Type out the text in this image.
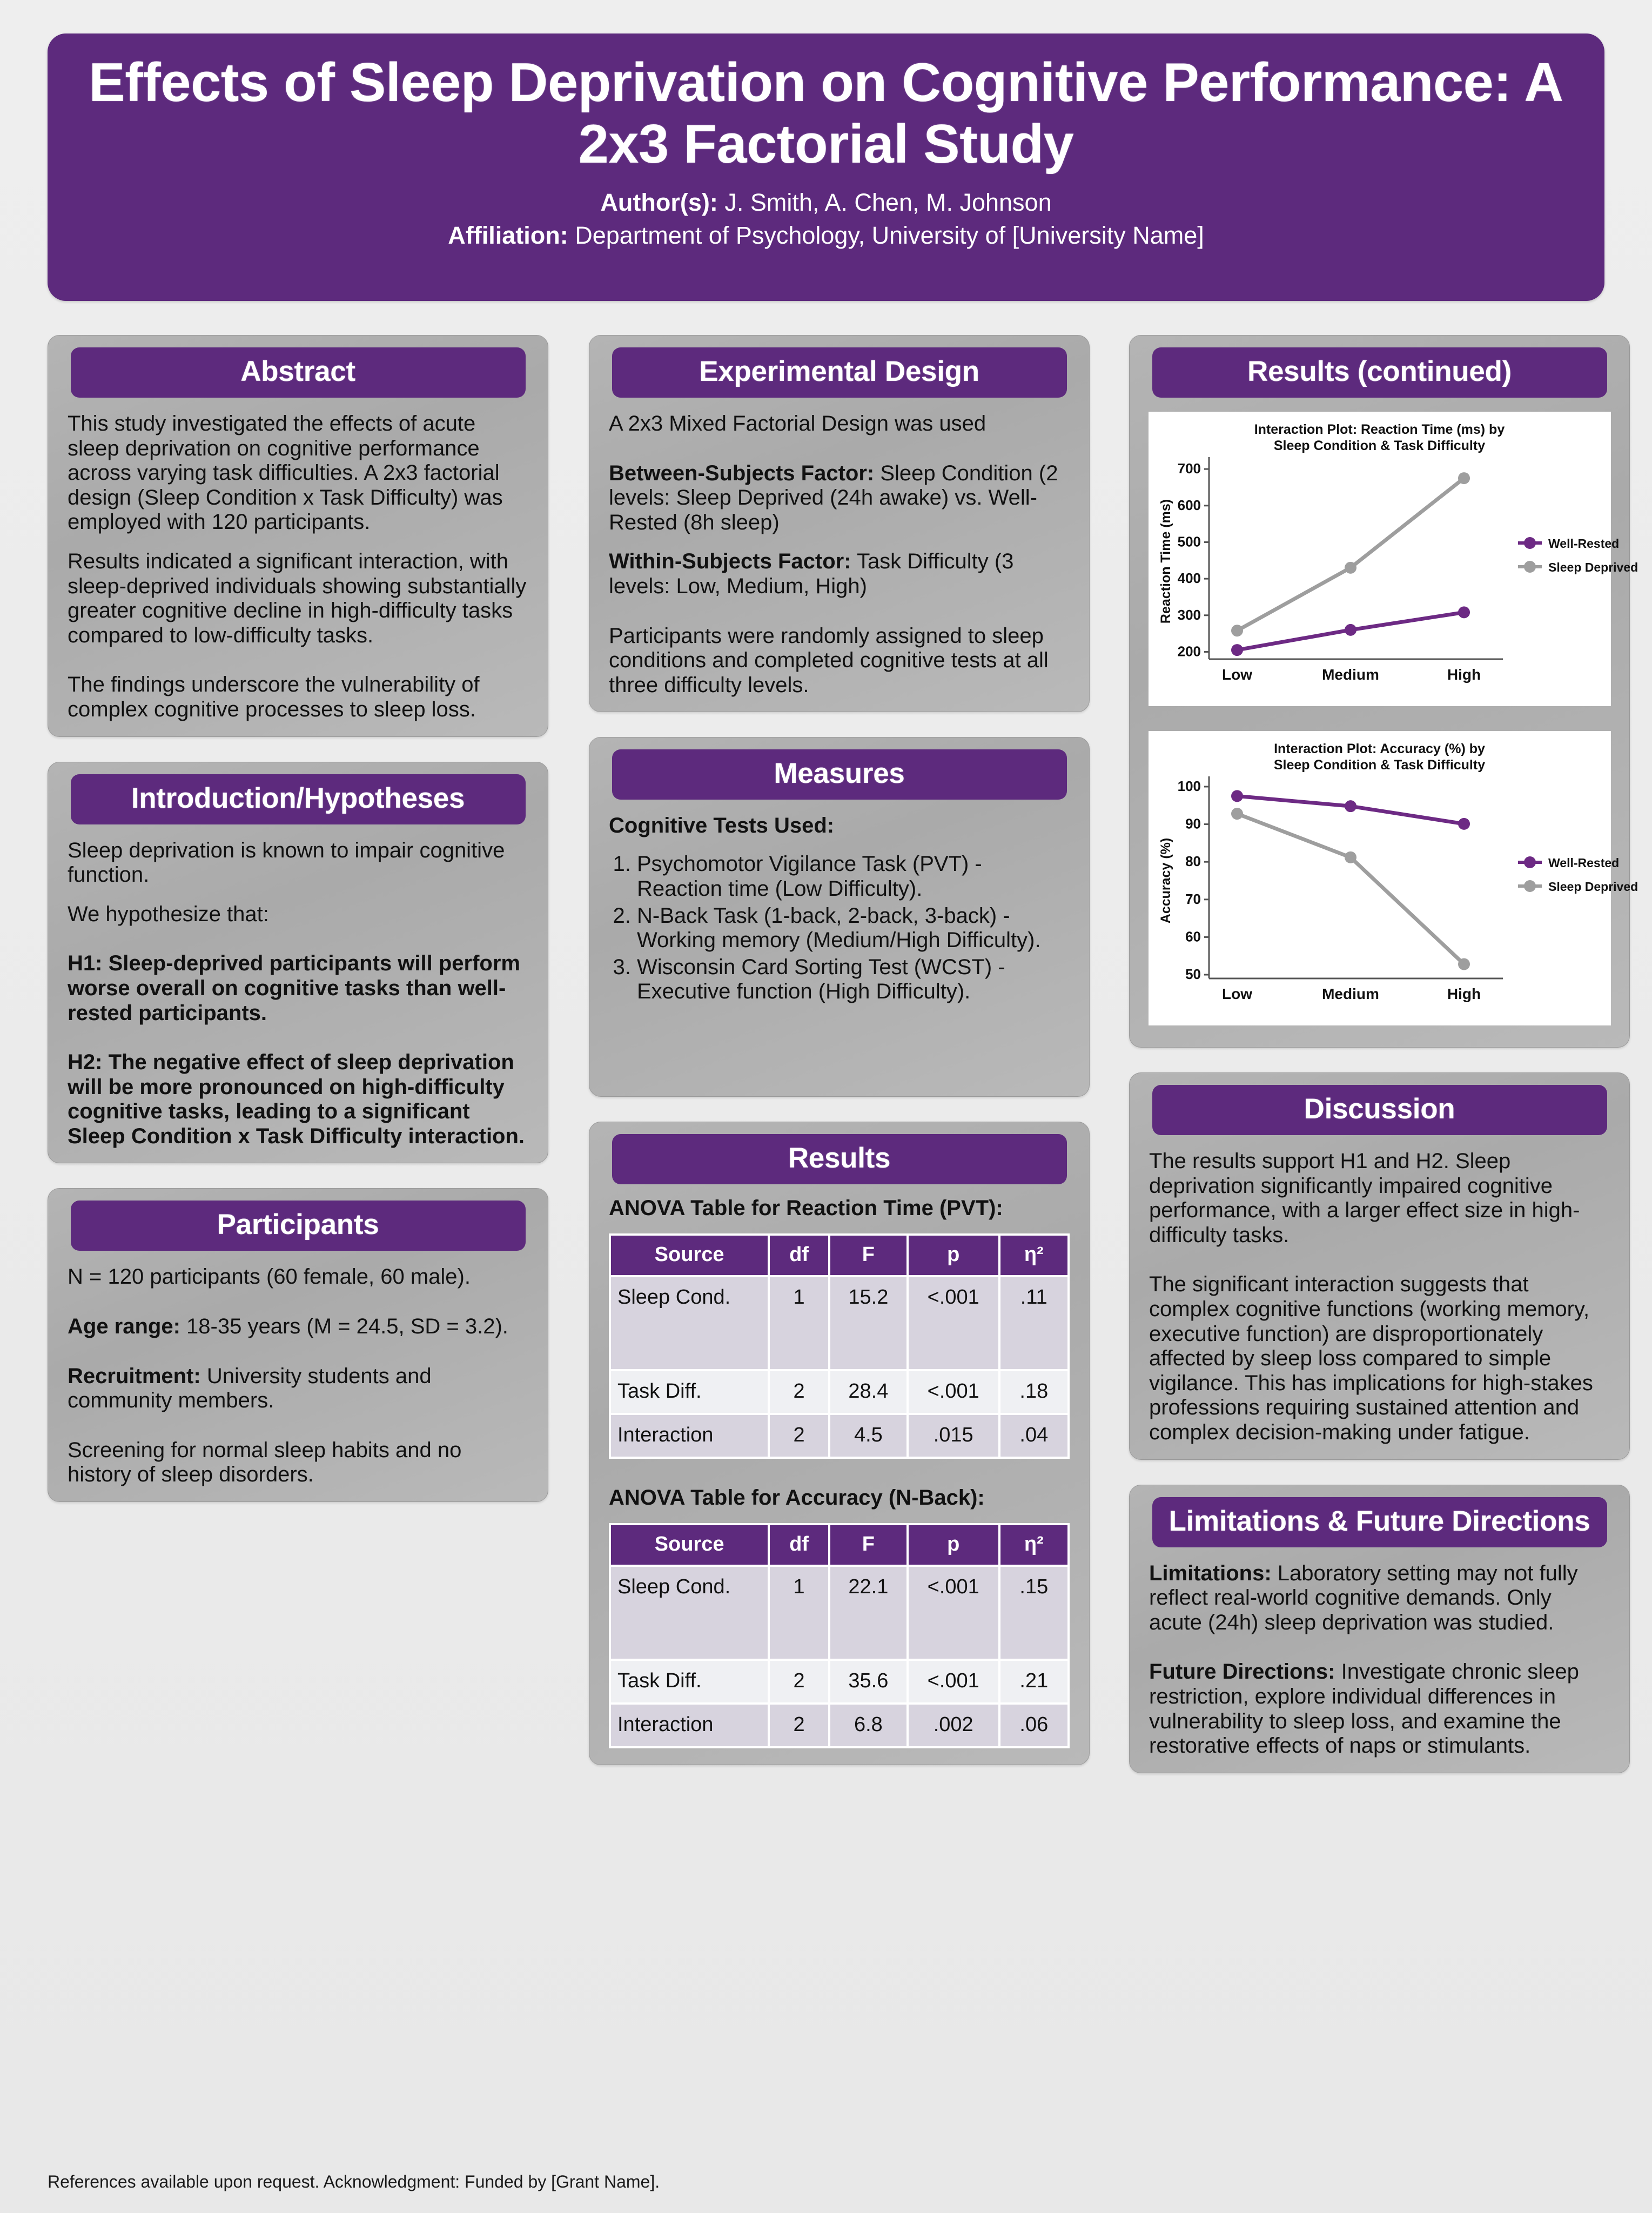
Effects of Sleep Deprivation on Cognitive Performance: A 2x3 Factorial Study
Author(s): J. Smith, A. Chen, M. Johnson
Affiliation: Department of Psychology, University of [University Name]
Abstract

This study investigated the effects of acute sleep deprivation on cognitive performance across varying task difficulties. A 2x3 factorial design (Sleep Condition x Task Difficulty) was employed with 120 participants.

Results indicated a significant interaction, with sleep-deprived individuals showing substantially greater cognitive decline in high-difficulty tasks compared to low-difficulty tasks.

The findings underscore the vulnerability of complex cognitive processes to sleep loss.

Introduction/Hypotheses

Sleep deprivation is known to impair cognitive function.

We hypothesize that:

H1: Sleep-deprived participants will perform worse overall on cognitive tasks than well-rested participants.

H2: The negative effect of sleep deprivation will be more pronounced on high-difficulty cognitive tasks, leading to a significant Sleep Condition x Task Difficulty interaction.

Participants

N = 120 participants (60 female, 60 male).

Age range: 18-35 years (M = 24.5, SD = 3.2).

Recruitment: University students and community members.

Screening for normal sleep habits and no history of sleep disorders.

Experimental Design

A 2x3 Mixed Factorial Design was used

Between-Subjects Factor: Sleep Condition (2 levels: Sleep Deprived (24h awake) vs. Well-Rested (8h sleep)

Within-Subjects Factor: Task Difficulty (3 levels: Low, Medium, High)

Participants were randomly assigned to sleep conditions and completed cognitive tests at all three difficulty levels.

Measures
Cognitive Tests Used:
1. Psychomotor Vigilance Task (PVT) - Reaction time (Low Difficulty).
2. N-Back Task (1-back, 2-back, 3-back) - Working memory (Medium/High Difficulty).
3. Wisconsin Card Sorting Test (WCST) - Executive function (High Difficulty).
Results
ANOVA Table for Reaction Time (PVT):
Source	df	F	p	η²
Sleep Cond.	1	15.2	<.001	.11
Task Diff.	2	28.4	<.001	.18
Interaction	2	4.5	.015	.04
ANOVA Table for Accuracy (N-Back):
Source	df	F	p	η²
Sleep Cond.	1	22.1	<.001	.15
Task Diff.	2	35.6	<.001	.21
Interaction	2	6.8	.002	.06
Results (continued)
Interaction Plot: Reaction Time (ms) by
Sleep Condition & Task Difficulty
200
300
400
500
600
700
Reaction Time (ms)
Low	Medium	High
Well-Rested
Sleep Deprived
Interaction Plot: Accuracy (%) by
Sleep Condition & Task Difficulty
50
60
70
80
90
100
Accuracy (%)
Low	Medium	High
Well-Rested
Sleep Deprived
Discussion

The results support H1 and H2. Sleep deprivation significantly impaired cognitive performance, with a larger effect size in high-difficulty tasks.

The significant interaction suggests that complex cognitive functions (working memory, executive function) are disproportionately affected by sleep loss compared to simple vigilance. This has implications for high-stakes professions requiring sustained attention and complex decision-making under fatigue.

Limitations & Future Directions

Limitations: Laboratory setting may not fully reflect real-world cognitive demands. Only acute (24h) sleep deprivation was studied.

Future Directions: Investigate chronic sleep restriction, explore individual differences in vulnerability to sleep loss, and examine the restorative effects of naps or stimulants.

References available upon request. Acknowledgment: Funded by [Grant Name].
